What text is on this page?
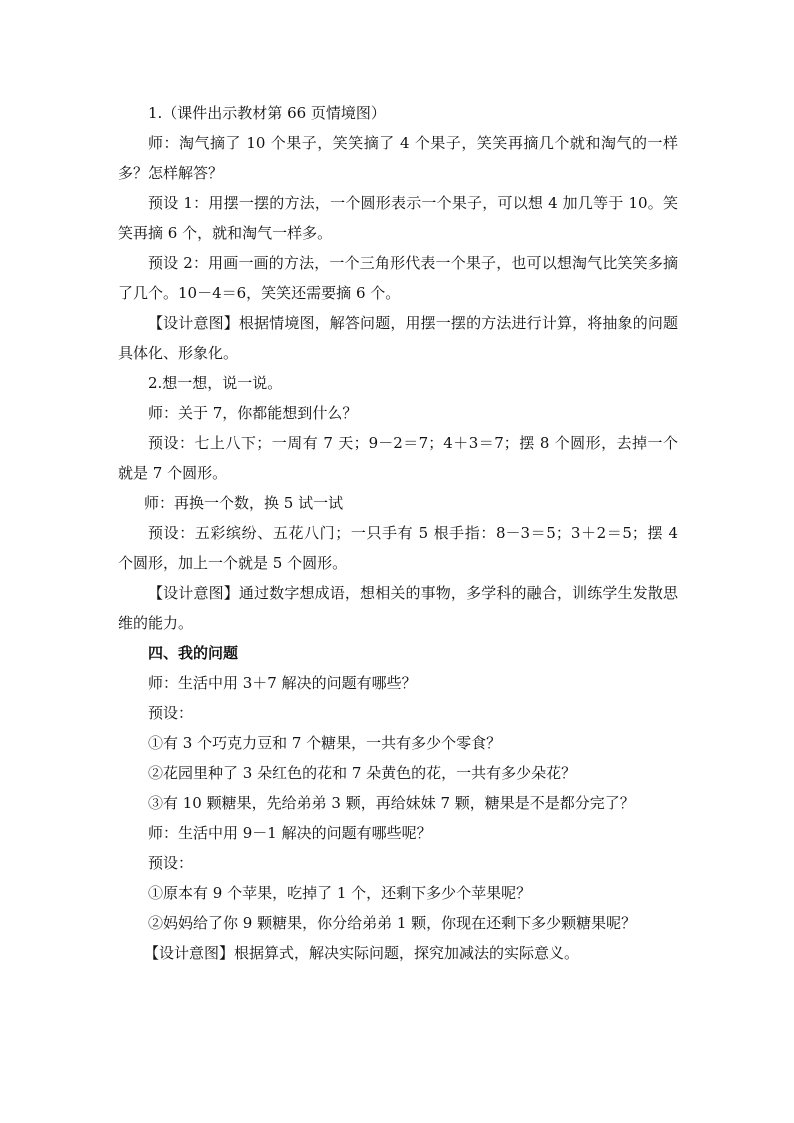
1.（课件出示教材第 66 页情境图）

师：淘气摘了 10 个果子，笑笑摘了 4 个果子，笑笑再摘几个就和淘气的一样多？怎样解答？

预设 1：用摆一摆的方法，一个圆形表示一个果子，可以想 4 加几等于 10。笑笑再摘 6 个，就和淘气一样多。

预设 2：用画一画的方法，一个三角形代表一个果子，也可以想淘气比笑笑多摘了几个。10－4＝6，笑笑还需要摘 6 个。

【设计意图】根据情境图，解答问题，用摆一摆的方法进行计算，将抽象的问题具体化、形象化。

2.想一想，说一说。

师：关于 7，你都能想到什么？

预设：七上八下；一周有 7 天；9－2＝7；4＋3＝7；摆 8 个圆形，去掉一个就是 7 个圆形。

师：再换一个数，换 5 试一试

预设：五彩缤纷、五花八门；一只手有 5 根手指：8－3＝5；3＋2＝5；摆 4 个圆形，加上一个就是 5 个圆形。

【设计意图】通过数字想成语，想相关的事物，多学科的融合，训练学生发散思维的能力。

四、我的问题

师：生活中用 3＋7 解决的问题有哪些？

预设：

①有 3 个巧克力豆和 7 个糖果，一共有多少个零食？

②花园里种了 3 朵红色的花和 7 朵黄色的花，一共有多少朵花？

③有 10 颗糖果，先给弟弟 3 颗，再给妹妹 7 颗，糖果是不是都分完了？

师：生活中用 9－1 解决的问题有哪些呢？

预设：

①原本有 9 个苹果，吃掉了 1 个，还剩下多少个苹果呢？

②妈妈给了你 9 颗糖果，你分给弟弟 1 颗，你现在还剩下多少颗糖果呢？

【设计意图】根据算式，解决实际问题，探究加减法的实际意义。
